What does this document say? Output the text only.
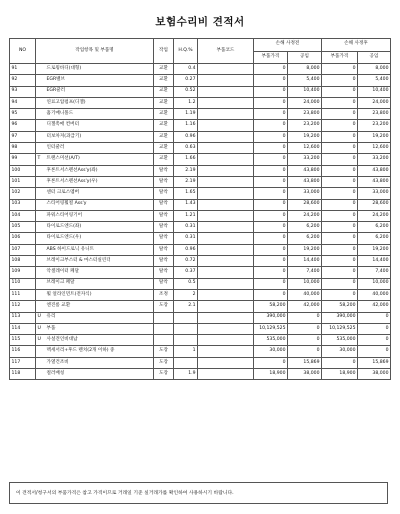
보험수리비 견적서
NO	작업항목 및 부품명	작업	H.Q.%	부품코드	손해 사정전		손해 사정후	
					부품가격	공임	부품가격	공임
91	드로윙바디(대형)	교환	0.4		0	8,000	0	8,000
92	EGR밸브	교환	0.27		0	5,400	0	5,400
93	EGR쿨러	교환	0.52		0	10,400	0	10,400
94	연료고압펌프(디젤)	교환	1.2		0	24,000	0	24,000
95	흡기매니폴드	교환	1.19		0	23,800	0	23,800
96	디젤촉매 컨버터	교환	1.16		0	23,200	0	23,200
97	터보차져(과급기)	교환	0.96		0	19,200	0	19,200
98	인터쿨러	교환	0.63		0	12,600	0	12,600
99	T 트랜스미션(A/T)	교환	1.66		0	33,200	0	33,200
100	후론트서스펜션Ass'y(좌)	탈착	2.19		0	43,800	0	43,800
101	후론트서스펜션Ass'y(우)	탈착	2.19		0	43,800	0	43,800
102	센터 크로스멤버	탈착	1.65		0	33,000	0	33,000
103	스티어링휠컬 Ass'y	탈착	1.43		0	28,600	0	28,600
104	파워스티어링기어	탈착	1.21		0	24,200	0	24,200
105	타이로드엔드(좌)	탈착	0.31		0	6,200	0	6,200
106	타이로드엔드(우)	탈착	0.31		0	6,200	0	6,200
107	ABS 하이드로닉 유니트	탈착	0.96		0	19,200	0	19,200
108	브레이크부스터 & 마스터실린더	탈착	0.72		0	14,400	0	14,400
109	악셀레이터 페달	탈착	0.37		0	7,400	0	7,400
110	브레이크 페달	탈착	0.5		0	10,000	0	10,000
111	휠 얼라인먼트(전자식)	조정	2		0	40,000	0	40,000
112	엔진룸 교환	도장	2.1		58,200	42,000	58,200	42,000
113	U 유리				390,000	0	390,000	0
114	U 부품				10,129,525	0	10,129,525	0
115	U 사설견인비대납				535,000	0	535,000	0
116	맥세서리+후드 렌치(2개 이하) 중	도장	1		30,000	0	30,000	0
117	가열건조비	도장			0	15,869	0	15,869
118	컬러배칭	도장	1.9		18,900	38,000	18,900	38,000
이 견적서/청구서의 부품가격은 참고 가격이므로 거래일 기준 실거래가를 확인하여 사용하시기 바랍니다.
